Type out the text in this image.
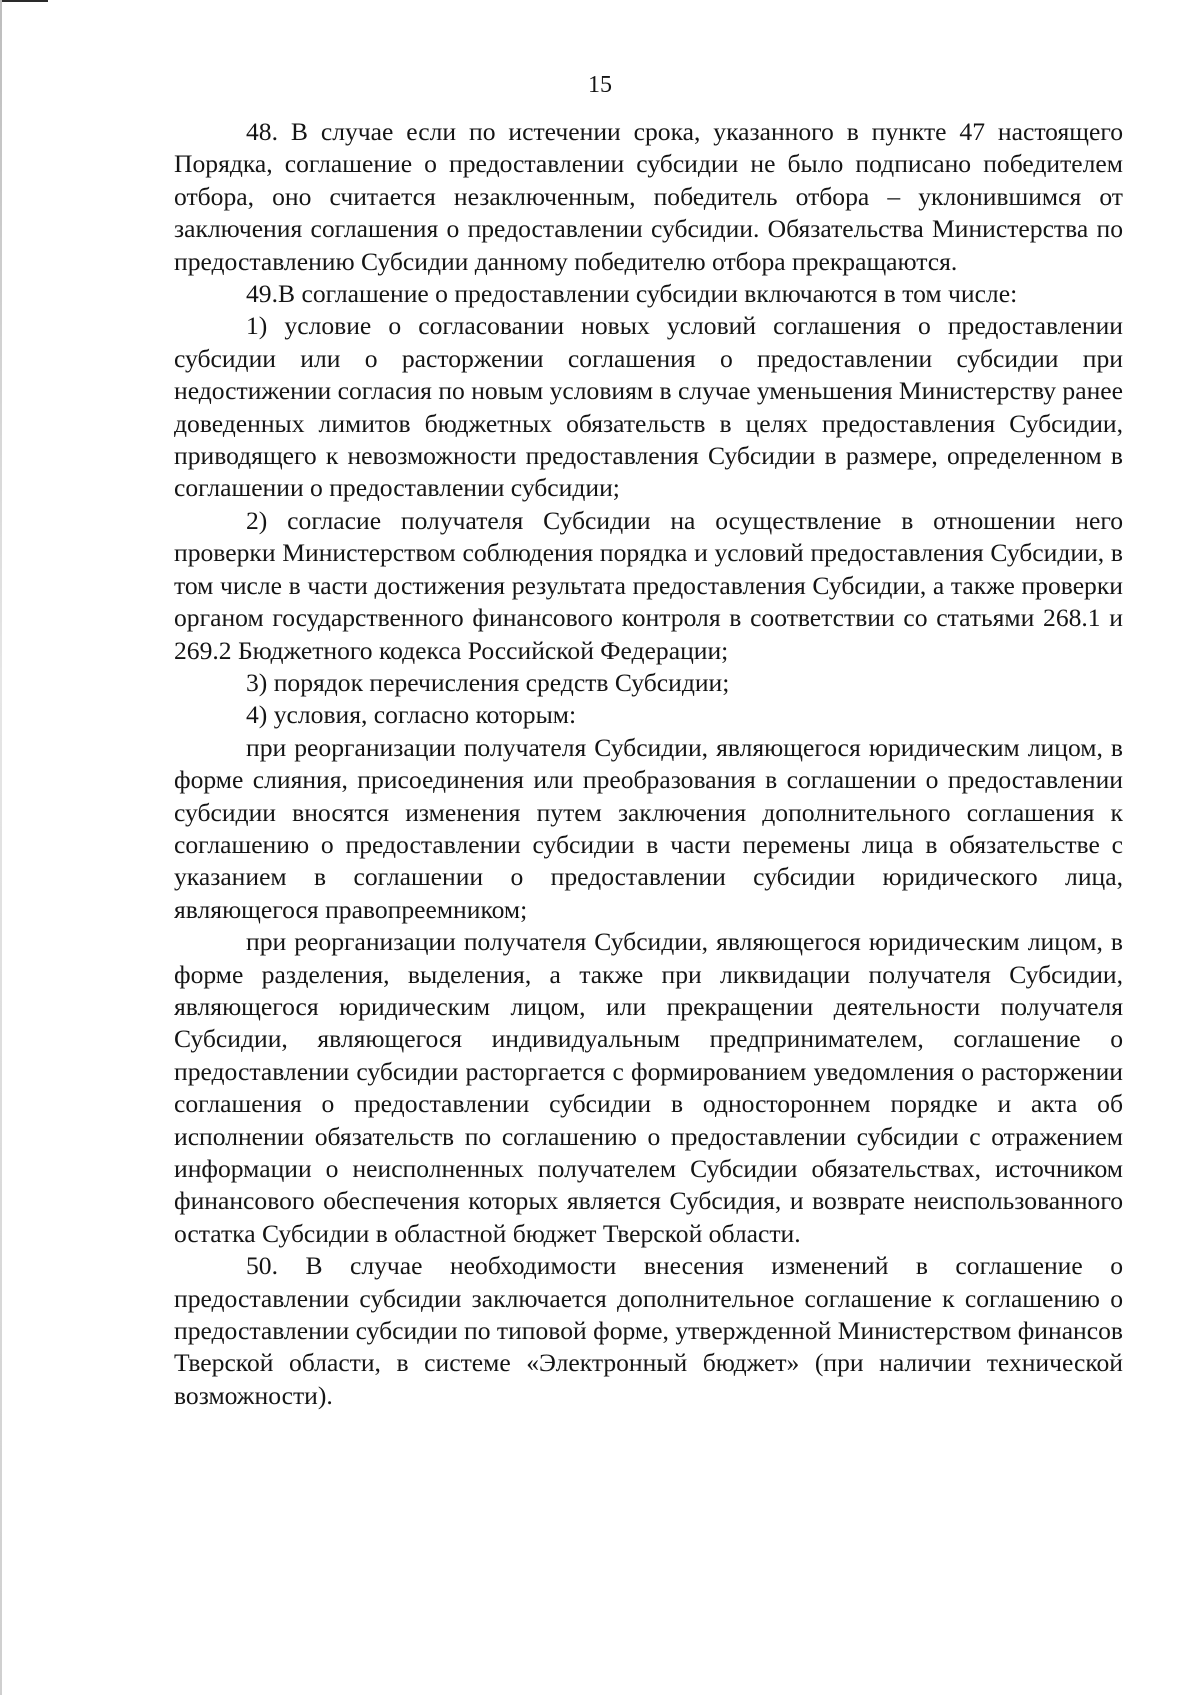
15

48. В случае если по истечении срока, указанного в пункте 47 настоящего Порядка, соглашение о предоставлении субсидии не было подписано победителем отбора, оно считается незаключенным, победитель отбора – уклонившимся от заключения соглашения о предоставлении субсидии. Обязательства Министерства по предоставлению Субсидии данному победителю отбора прекращаются.

49.В соглашение о предоставлении субсидии включаются в том числе:

1) условие о согласовании новых условий соглашения о предоставлении субсидии или о расторжении соглашения о предоставлении субсидии при недостижении согласия по новым условиям в случае уменьшения Министерству ранее доведенных лимитов бюджетных обязательств в целях предоставления Субсидии, приводящего к невозможности предоставления Субсидии в размере, определенном в соглашении о предоставлении субсидии;

2) согласие получателя Субсидии на осуществление в отношении него проверки Министерством соблюдения порядка и условий предоставления Субсидии, в том числе в части достижения результата предоставления Субсидии, а также проверки органом государственного финансового контроля в соответствии со статьями 268.1 и 269.2 Бюджетного кодекса Российской Федерации;

3) порядок перечисления средств Субсидии;

4) условия, согласно которым:

при реорганизации получателя Субсидии, являющегося юридическим лицом, в форме слияния, присоединения или преобразования в соглашении о предоставлении субсидии вносятся изменения путем заключения дополнительного соглашения к соглашению о предоставлении субсидии в части перемены лица в обязательстве с указанием в соглашении о предоставлении субсидии юридического лица, являющегося правопреемником;

при реорганизации получателя Субсидии, являющегося юридическим лицом, в форме разделения, выделения, а также при ликвидации получателя Субсидии, являющегося юридическим лицом, или прекращении деятельности получателя Субсидии, являющегося индивидуальным предпринимателем, соглашение о предоставлении субсидии расторгается с формированием уведомления о расторжении соглашения о предоставлении субсидии в одностороннем порядке и акта об исполнении обязательств по соглашению о предоставлении субсидии с отражением информации о неисполненных получателем Субсидии обязательствах, источником финансового обеспечения которых является Субсидия, и возврате неиспользованного остатка Субсидии в областной бюджет Тверской области.

50. В случае необходимости внесения изменений в соглашение о предоставлении субсидии заключается дополнительное соглашение к соглашению о предоставлении субсидии по типовой форме, утвержденной Министерством финансов Тверской области, в системе «Электронный бюджет» (при наличии технической возможности).
